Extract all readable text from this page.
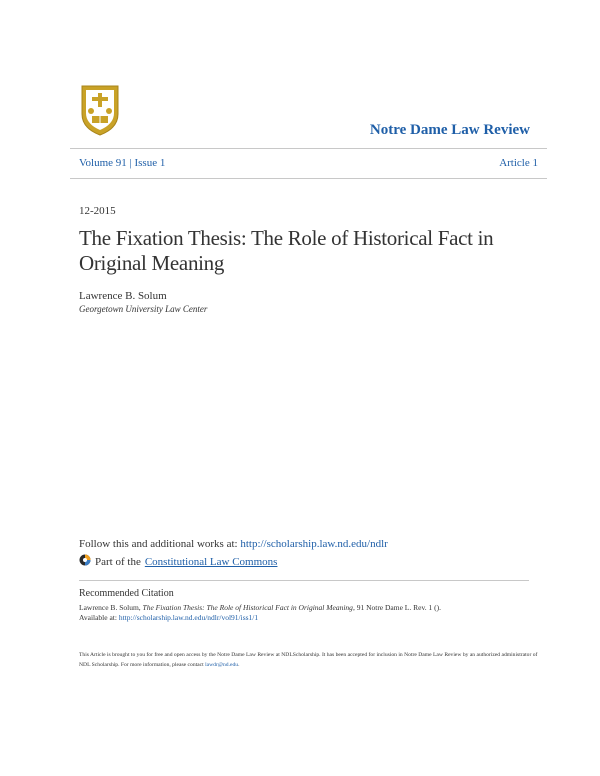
Notre Dame Law Review
Volume 91 | Issue 1	Article 1
12-2015
The Fixation Thesis: The Role of Historical Fact in Original Meaning
Lawrence B. Solum
Georgetown University Law Center
Follow this and additional works at: http://scholarship.law.nd.edu/ndlr
Part of the Constitutional Law Commons
Recommended Citation
Lawrence B. Solum, The Fixation Thesis: The Role of Historical Fact in Original Meaning, 91 Notre Dame L. Rev. 1 ().
Available at: http://scholarship.law.nd.edu/ndlr/vol91/iss1/1
This Article is brought to you for free and open access by the Notre Dame Law Review at NDLScholarship. It has been accepted for inclusion in Notre Dame Law Review by an authorized administrator of NDL Scholarship. For more information, please contact lawdr@nd.edu.
